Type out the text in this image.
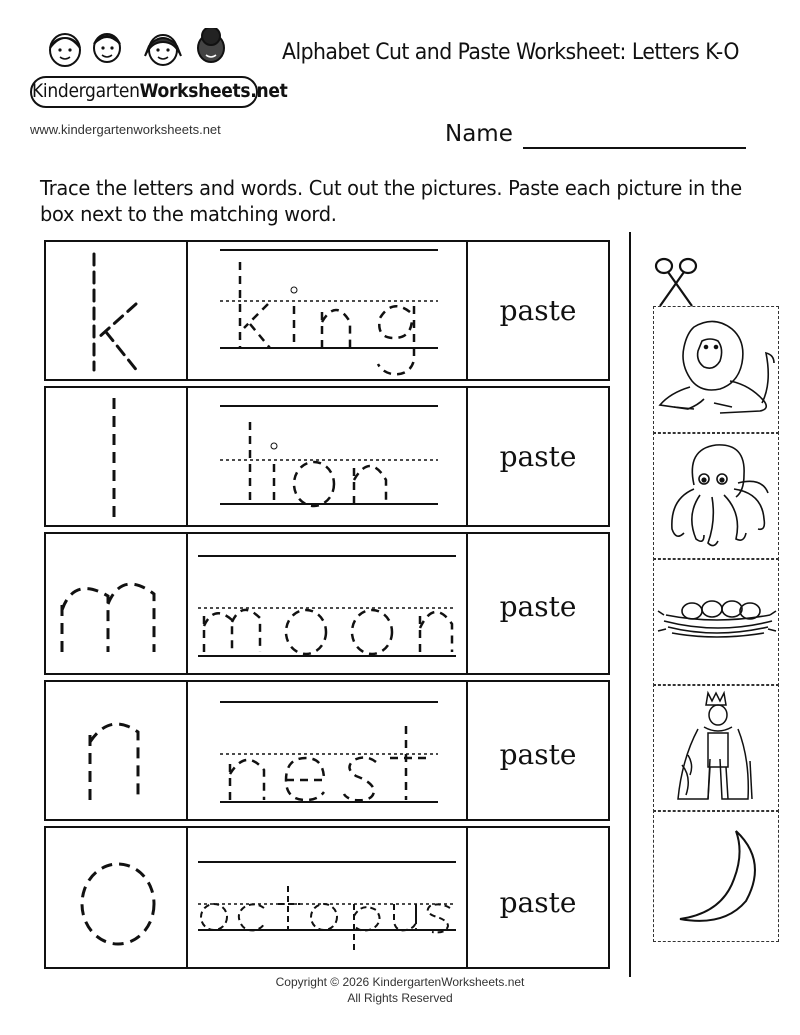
KindergartenWorksheets.net
www.kindergartenworksheets.net
Alphabet Cut and Paste Worksheet: Letters K-O
Name
Trace the letters and words. Cut out the pictures. Paste each picture in the box next to the matching word.
paste
paste
paste
paste
paste
Copyright © 2026 KindergartenWorksheets.net
All Rights Reserved
